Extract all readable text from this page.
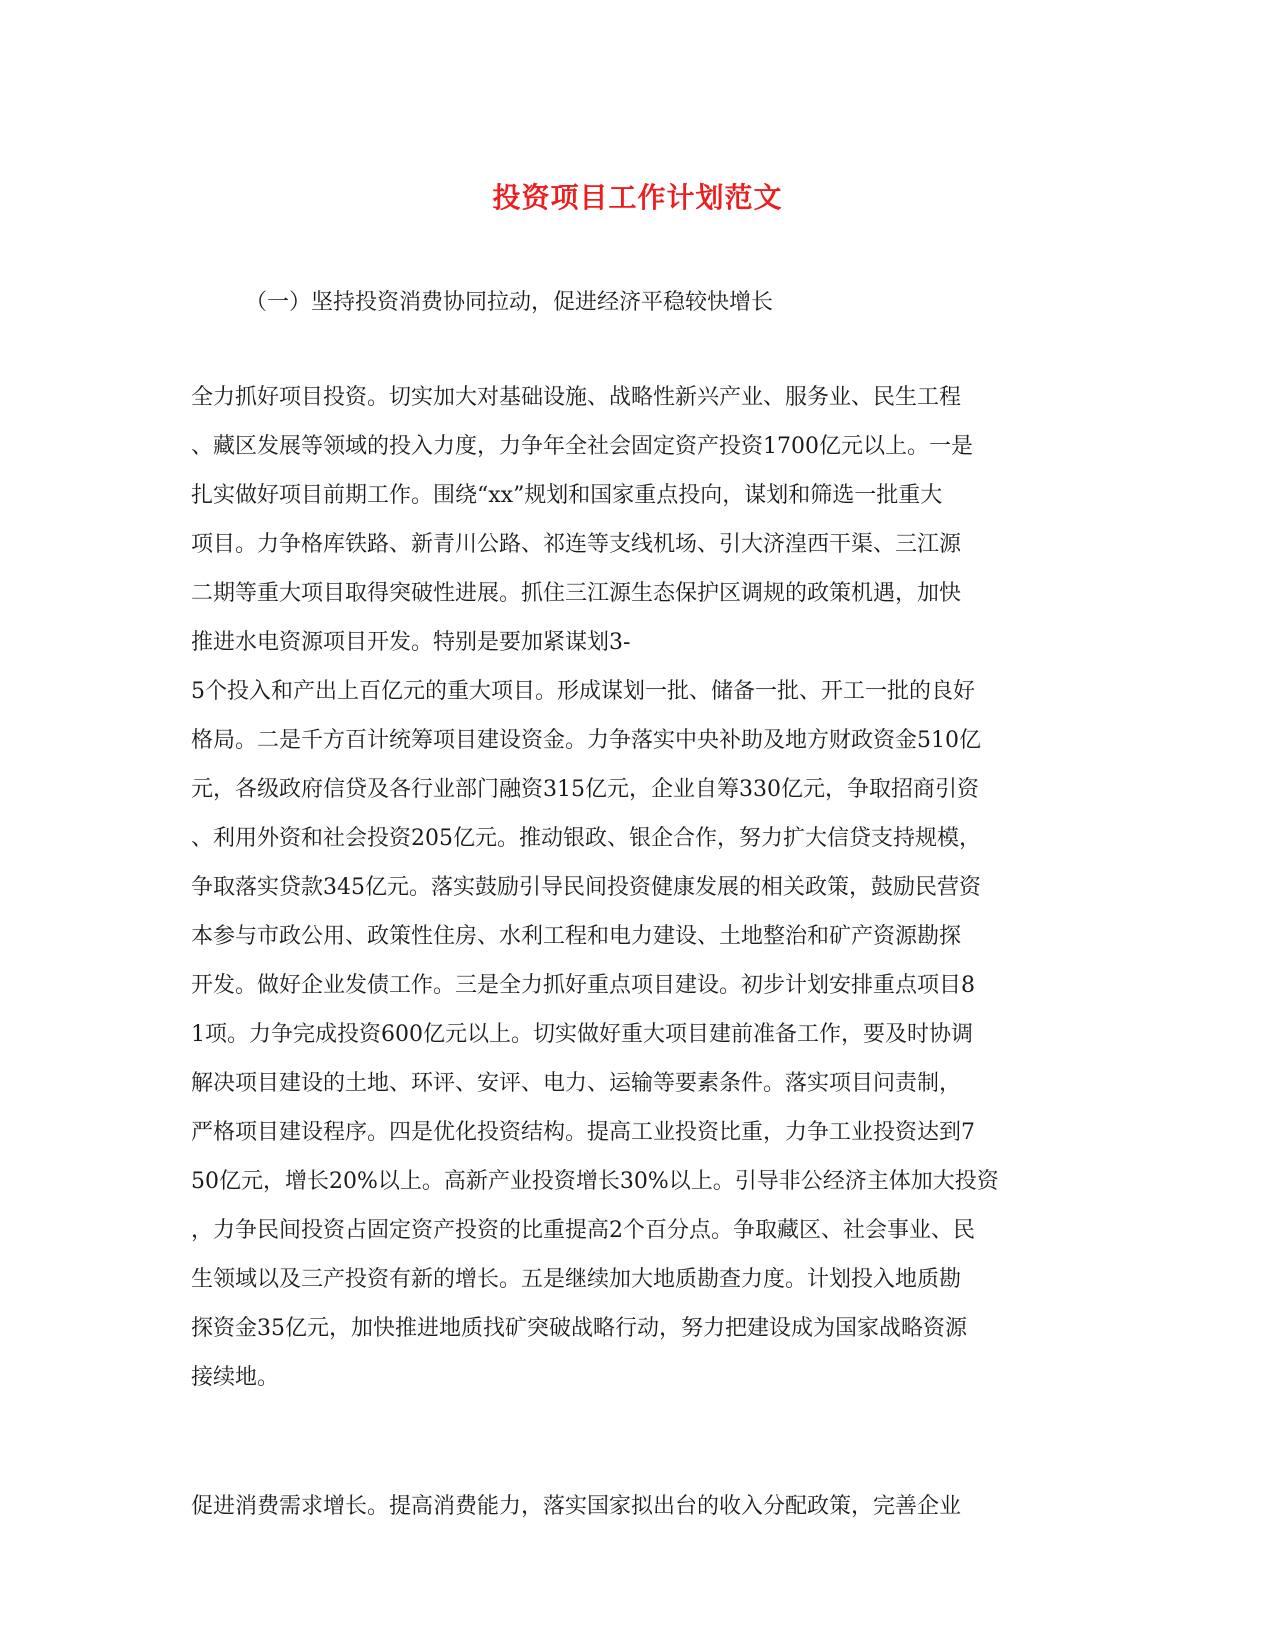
投资项目工作计划范文
（一）坚持投资消费协同拉动，促进经济平稳较快增长
全力抓好项目投资。切实加大对基础设施、战略性新兴产业、服务业、民生工程
、藏区发展等领域的投入力度，力争年全社会固定资产投资1700亿元以上。一是
扎实做好项目前期工作。围绕“xx”规划和国家重点投向，谋划和筛选一批重大
项目。力争格库铁路、新青川公路、祁连等支线机场、引大济湟西干渠、三江源
二期等重大项目取得突破性进展。抓住三江源生态保护区调规的政策机遇，加快
推进水电资源项目开发。特别是要加紧谋划3-
5个投入和产出上百亿元的重大项目。形成谋划一批、储备一批、开工一批的良好
格局。二是千方百计统筹项目建设资金。力争落实中央补助及地方财政资金510亿
元，各级政府信贷及各行业部门融资315亿元，企业自筹330亿元，争取招商引资
、利用外资和社会投资205亿元。推动银政、银企合作，努力扩大信贷支持规模，
争取落实贷款345亿元。落实鼓励引导民间投资健康发展的相关政策，鼓励民营资
本参与市政公用、政策性住房、水利工程和电力建设、土地整治和矿产资源勘探
开发。做好企业发债工作。三是全力抓好重点项目建设。初步计划安排重点项目8
1项。力争完成投资600亿元以上。切实做好重大项目建前准备工作，要及时协调
解决项目建设的土地、环评、安评、电力、运输等要素条件。落实项目问责制，
严格项目建设程序。四是优化投资结构。提高工业投资比重，力争工业投资达到7
50亿元，增长20%以上。高新产业投资增长30%以上。引导非公经济主体加大投资
，力争民间投资占固定资产投资的比重提高2个百分点。争取藏区、社会事业、民
生领域以及三产投资有新的增长。五是继续加大地质勘查力度。计划投入地质勘
探资金35亿元，加快推进地质找矿突破战略行动，努力把建设成为国家战略资源
接续地。
促进消费需求增长。提高消费能力，落实国家拟出台的收入分配政策，完善企业
